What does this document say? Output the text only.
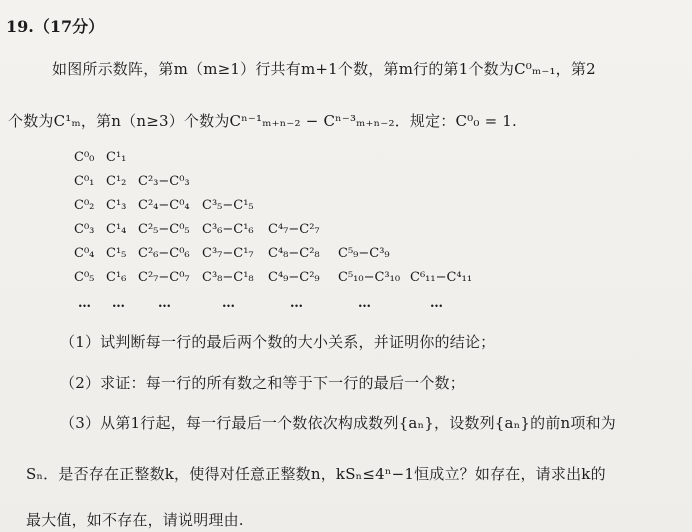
19.（17分）
如图所示数阵，第m（m≥1）行共有m+1个数，第m行的第1个数为C⁰ₘ₋₁，第2
个数为C¹ₘ，第n（n≥3）个数为Cⁿ⁻¹ₘ₊ₙ₋₂ − Cⁿ⁻³ₘ₊ₙ₋₂．规定：C⁰₀ = 1.
C⁰₀ C¹₁
C⁰₁ C¹₂ C²₃−C⁰₃
C⁰₂ C¹₃ C²₄−C⁰₄ C³₅−C¹₅
C⁰₃ C¹₄ C²₅−C⁰₅ C³₆−C¹₆ C⁴₇−C²₇
C⁰₄ C¹₅ C²₆−C⁰₆ C³₇−C¹₇ C⁴₈−C²₈ C⁵₉−C³₉
C⁰₅ C¹₆ C²₇−C⁰₇ C³₈−C¹₈ C⁴₉−C²₉ C⁵₁₀−C³₁₀ C⁶₁₁−C⁴₁₁
… …	…	…	…	…	…
（1）试判断每一行的最后两个数的大小关系，并证明你的结论；
（2）求证：每一行的所有数之和等于下一行的最后一个数；
（3）从第1行起，每一行最后一个数依次构成数列{aₙ}，设数列{aₙ}的前n项和为
Sₙ．是否存在正整数k，使得对任意正整数n，kSₙ≤4ⁿ−1恒成立？如存在，请求出k的
最大值，如不存在，请说明理由.
